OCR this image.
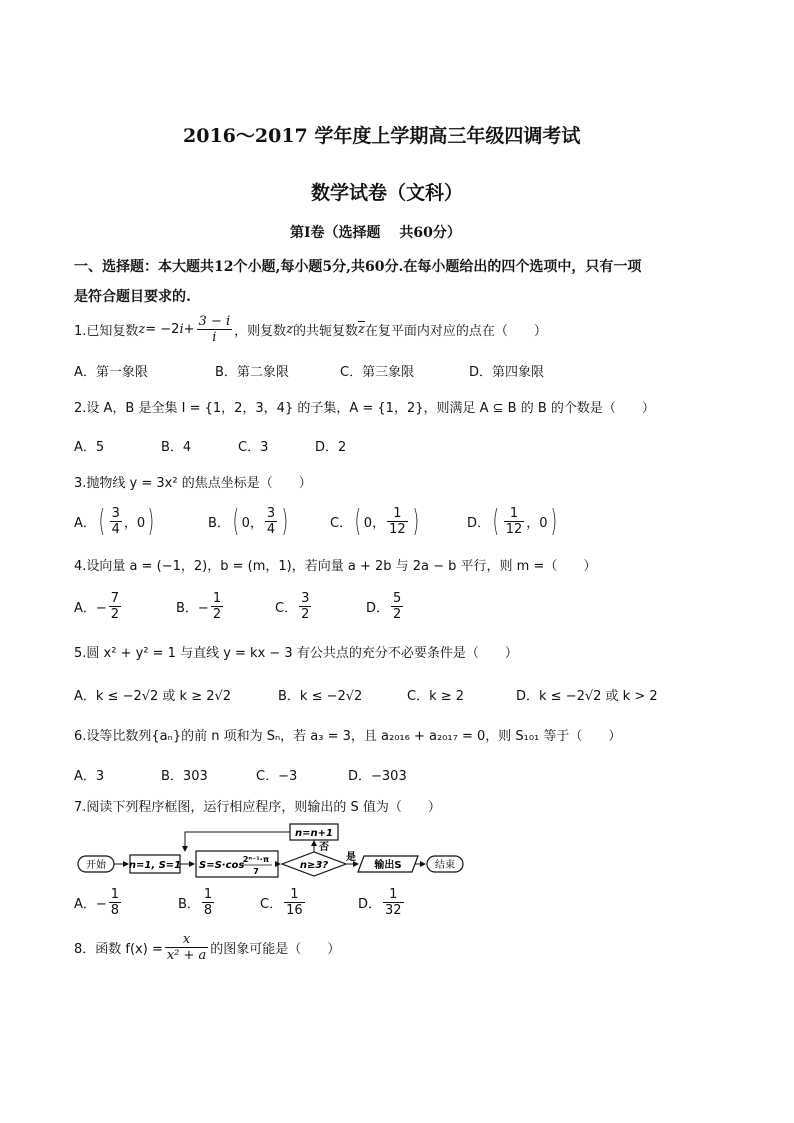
2016～2017 学年度上学期高三年级四调考试
数学试卷（文科）
第Ⅰ卷（选择题　 共60分）
一、选择题：本大题共12个小题,每小题5分,共60分.在每小题给出的四个选项中，只有一项
是符合题目要求的.
1.已知复数 z = −2 $i + \frac{3 - i}{i}$ ，则复数 z 的共轭复数 $\overline{z}$ 在复平面内对应的点在（　　）
A．第一象限	B．第二象限	C．第三象限	D．第四象限
2.设 A，B 是全集 I = {1，2，3，4} 的子集，A = {1，2}，则满足 A ⊆ B 的 B 的个数是（　　）
A．5	B．4	C．3	D．2
3.抛物线 y = 3x² 的焦点坐标是（　　）
A． ( $\frac{3}{4}$ ，0 )	B． ( 0， $\frac{3}{4}$ )	C． ( 0， $\frac{1}{12}$ )	D． ( $\frac{1}{12}$ ，0 )
4.设向量 a = (−1，2)，b = (m，1)，若向量 a + 2b 与 2a − b 平行，则 m =（　　）
A．− $\frac{7}{2}$	B．− $\frac{1}{2}$	C． $\frac{3}{2}$	D． $\frac{5}{2}$
5.圆 x² + y² = 1 与直线 y = kx − 3 有公共点的充分不必要条件是（　　）
A．k ≤ −2√2 或 k ≥ 2√2	B．k ≤ −2√2	C．k ≥ 2	D．k ≤ −2√2 或 k > 2
6.设等比数列{aₙ}的前 n 项和为 Sₙ，若 a₃ = 3，且 a₂₀₁₆ + a₂₀₁₇ = 0，则 S₁₀₁ 等于（　　）
A．3	B．303	C．−3	D．−303
7.阅读下列程序框图，运行相应程序，则输出的 S 值为（　　）
开始 n=1, S=1 S=S·cos
2ⁿ⁻¹·π
7
n≥3?
否
n=n+1
是
输出S	结束
A．− $\frac{1}{8}$	B． $\frac{1}{8}$	C． $\frac{1}{16}$	D． $\frac{1}{32}$
8．函数 $f(x) = \frac{x}{\text{x² + a}}$ 的图象可能是（　　）
